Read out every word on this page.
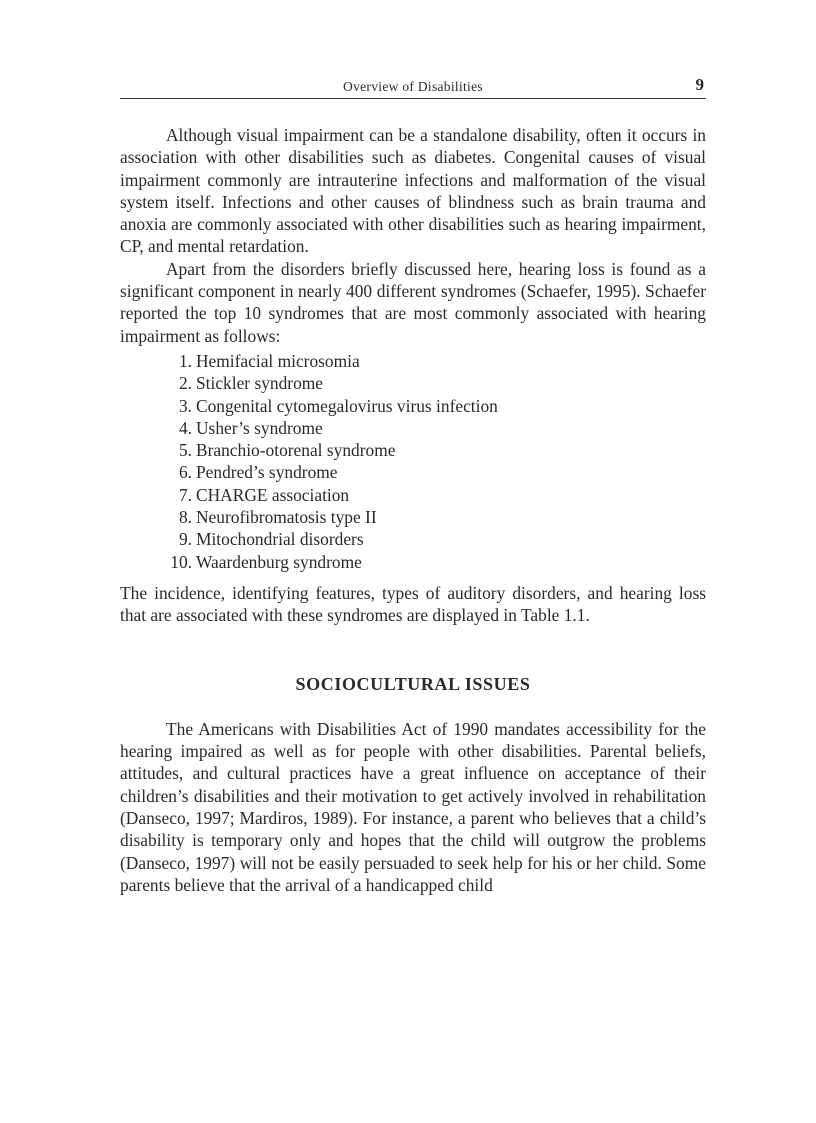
Overview of Disabilities	9

Although visual impairment can be a standalone disability, often it occurs in association with other disabilities such as diabetes. Congenital causes of visual impairment commonly are intrauterine infections and malformation of the visual system itself. Infections and other causes of blindness such as brain trauma and anoxia are commonly associated with other disabilities such as hearing impairment, CP, and mental retardation.

Apart from the disorders briefly discussed here, hearing loss is found as a significant component in nearly 400 different syndromes (Schaefer, 1995). Schaefer reported the top 10 syndromes that are most commonly associated with hearing impairment as follows:

1. Hemifacial microsomia
2. Stickler syndrome
3. Congenital cytomegalovirus virus infection
4. Usher’s syndrome
5. Branchio-otorenal syndrome
6. Pendred’s syndrome
7. CHARGE association
8. Neurofibromatosis type II
9. Mitochondrial disorders
10. Waardenburg syndrome

The incidence, identifying features, types of auditory disorders, and hearing loss that are associated with these syndromes are displayed in Table 1.1.

SOCIOCULTURAL ISSUES

The Americans with Disabilities Act of 1990 mandates accessibility for the hearing impaired as well as for people with other disabilities. Parental beliefs, attitudes, and cultural practices have a great influence on acceptance of their children’s disabilities and their motivation to get actively involved in rehabilitation (Danseco, 1997; Mardiros, 1989). For instance, a parent who believes that a child’s disability is temporary only and hopes that the child will outgrow the problems (Danseco, 1997) will not be easily persuaded to seek help for his or her child. Some parents believe that the arrival of a handicapped child
